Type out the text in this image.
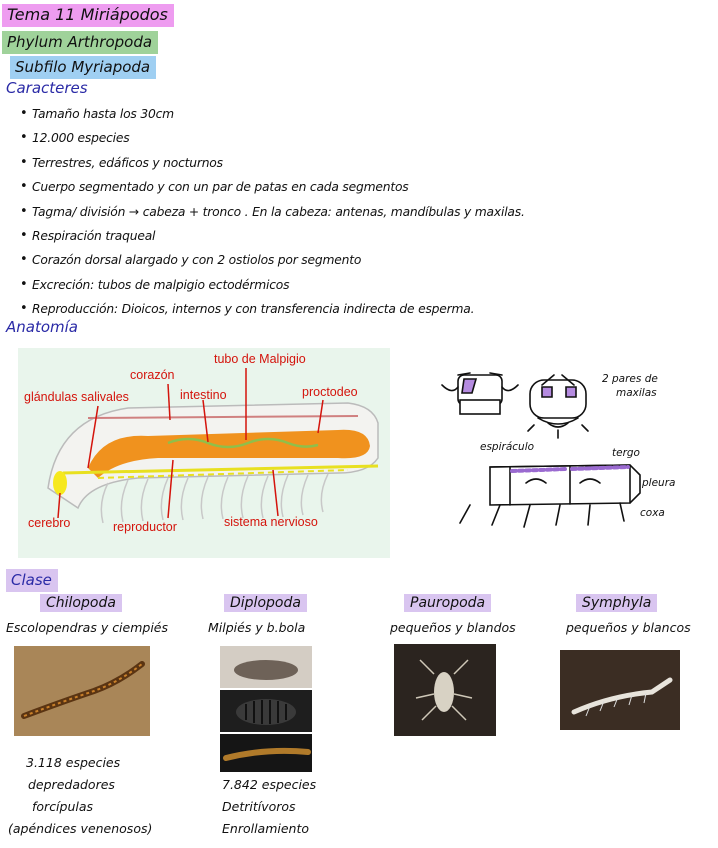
Tema 11 Miriápodos
Phylum Arthropoda
Subfilo Myriapoda
Caracteres
• Tamaño hasta los 30cm
• 12.000 especies
• Terrestres, edáficos y nocturnos
• Cuerpo segmentado y con un par de patas en cada segmentos
• Tagma/ división → cabeza + tronco . En la cabeza: antenas, mandíbulas y maxilas.
• Respiración traqueal
• Corazón dorsal alargado y con 2 ostiolos por segmento
• Excreción: tubos de malpigio ectodérmicos
• Reproducción: Dioicos, internos y con transferencia indirecta de esperma.
Anatomía
corazón
tubo de Malpigio
glándulas salivales	intestino	proctodeo
cerebro	reproductor	sistema nervioso
2 pares de
maxilas
espiráculo	tergo
pleura
coxa
Clase
Chilopoda
Escolopendras y ciempiés
3.118 especies
depredadores
forcípulas
(apéndices venenosos)
Diplopoda
Milpiés y b.bola
7.842 especies
Detritívoros
Enrollamiento
Pauropoda
pequeños y blandos
Symphyla
pequeños y blancos
